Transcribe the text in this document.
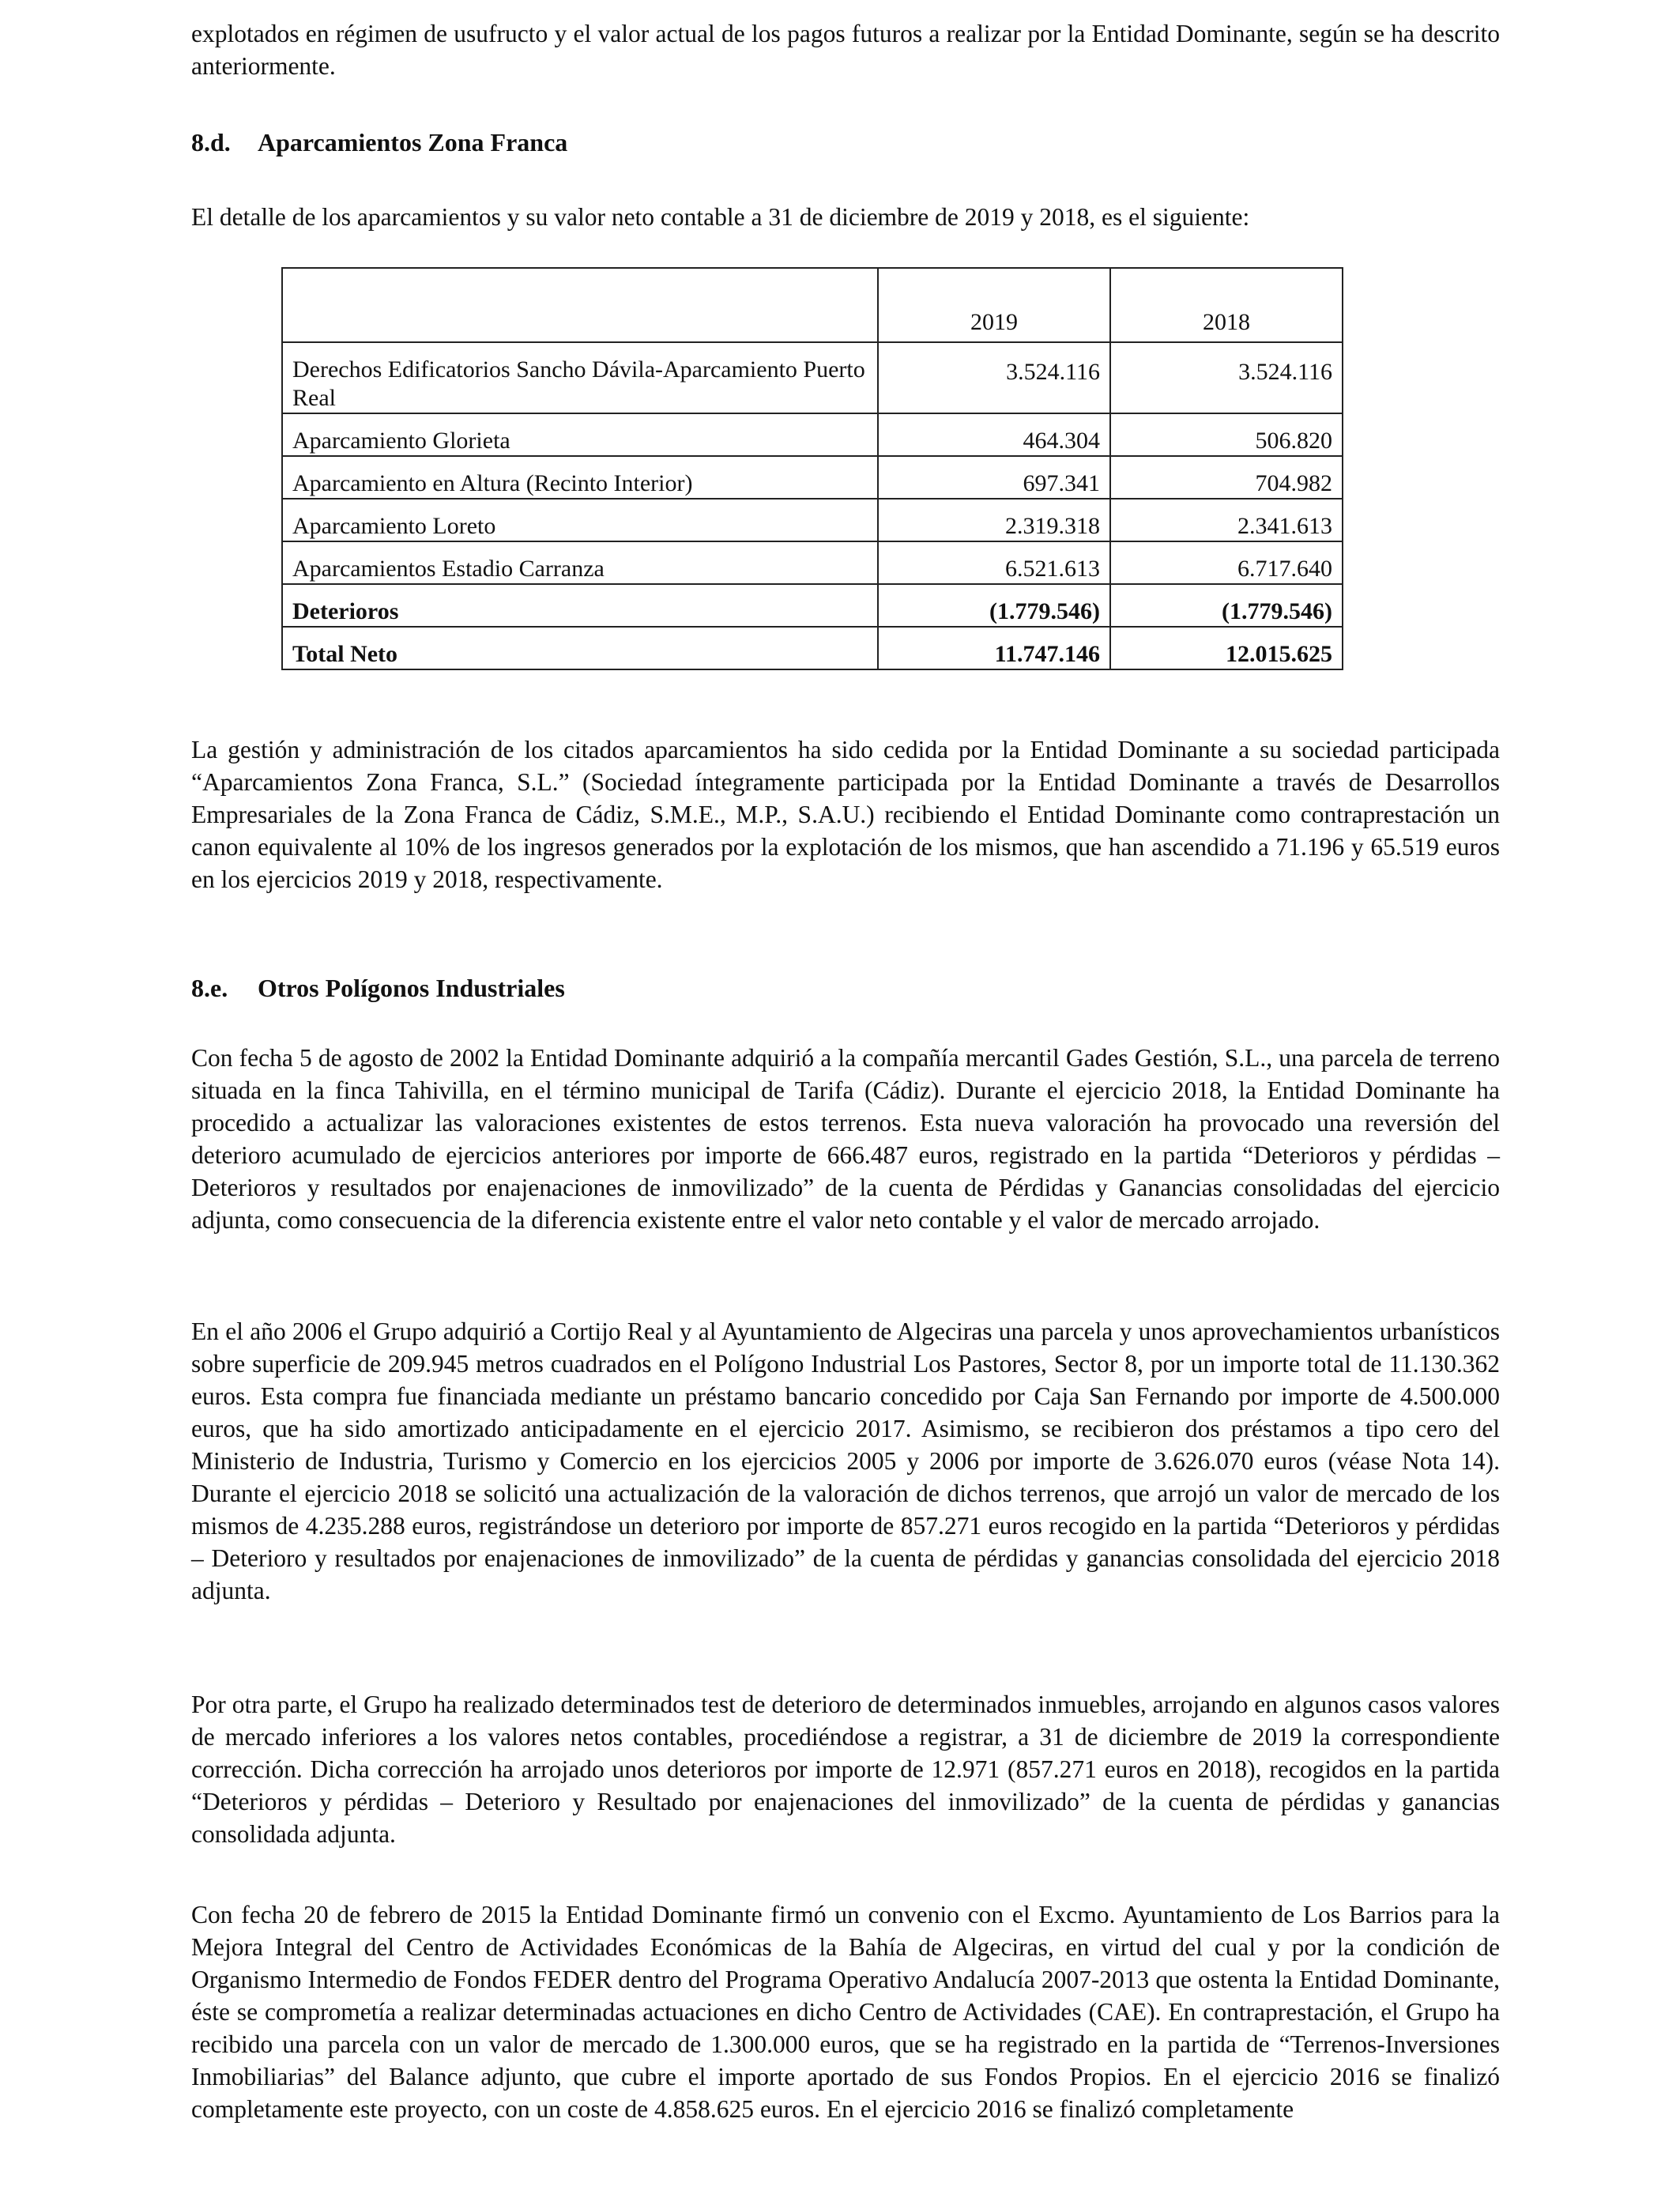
explotados en régimen de usufructo y el valor actual de los pagos futuros a realizar por la Entidad Dominante, según se ha descrito anteriormente.

8.d. Aparcamientos Zona Franca

El detalle de los aparcamientos y su valor neto contable a 31 de diciembre de 2019 y 2018, es el siguiente:

	2019	2018
Derechos Edificatorios Sancho Dávila-Aparcamiento Puerto Real	3.524.116	3.524.116
Aparcamiento Glorieta	464.304	506.820
Aparcamiento en Altura (Recinto Interior)	697.341	704.982
Aparcamiento Loreto	2.319.318	2.341.613
Aparcamientos Estadio Carranza	6.521.613	6.717.640
Deterioros	(1.779.546)	(1.779.546)
Total Neto	11.747.146	12.015.625

La gestión y administración de los citados aparcamientos ha sido cedida por la Entidad Dominante a su sociedad participada “Aparcamientos Zona Franca, S.L.” (Sociedad íntegramente participada por la Entidad Dominante a través de Desarrollos Empresariales de la Zona Franca de Cádiz, S.M.E., M.P., S.A.U.) recibiendo el Entidad Dominante como contraprestación un canon equivalente al 10% de los ingresos generados por la explotación de los mismos, que han ascendido a 71.196 y 65.519 euros en los ejercicios 2019 y 2018, respectivamente.

8.e. Otros Polígonos Industriales

Con fecha 5 de agosto de 2002 la Entidad Dominante adquirió a la compañía mercantil Gades Gestión, S.L., una parcela de terreno situada en la finca Tahivilla, en el término municipal de Tarifa (Cádiz). Durante el ejercicio 2018, la Entidad Dominante ha procedido a actualizar las valoraciones existentes de estos terrenos. Esta nueva valoración ha provocado una reversión del deterioro acumulado de ejercicios anteriores por importe de 666.487 euros, registrado en la partida “Deterioros y pérdidas – Deterioros y resultados por enajenaciones de inmovilizado” de la cuenta de Pérdidas y Ganancias consolidadas del ejercicio adjunta, como consecuencia de la diferencia existente entre el valor neto contable y el valor de mercado arrojado.

En el año 2006 el Grupo adquirió a Cortijo Real y al Ayuntamiento de Algeciras una parcela y unos aprovechamientos urbanísticos sobre superficie de 209.945 metros cuadrados en el Polígono Industrial Los Pastores, Sector 8, por un importe total de 11.130.362 euros. Esta compra fue financiada mediante un préstamo bancario concedido por Caja San Fernando por importe de 4.500.000 euros, que ha sido amortizado anticipadamente en el ejercicio 2017. Asimismo, se recibieron dos préstamos a tipo cero del Ministerio de Industria, Turismo y Comercio en los ejercicios 2005 y 2006 por importe de 3.626.070 euros (véase Nota 14). Durante el ejercicio 2018 se solicitó una actualización de la valoración de dichos terrenos, que arrojó un valor de mercado de los mismos de 4.235.288 euros, registrándose un deterioro por importe de 857.271 euros recogido en la partida “Deterioros y pérdidas – Deterioro y resultados por enajenaciones de inmovilizado” de la cuenta de pérdidas y ganancias consolidada del ejercicio 2018 adjunta.

Por otra parte, el Grupo ha realizado determinados test de deterioro de determinados inmuebles, arrojando en algunos casos valores de mercado inferiores a los valores netos contables, procediéndose a registrar, a 31 de diciembre de 2019 la correspondiente corrección. Dicha corrección ha arrojado unos deterioros por importe de 12.971 (857.271 euros en 2018), recogidos en la partida “Deterioros y pérdidas – Deterioro y Resultado por enajenaciones del inmovilizado” de la cuenta de pérdidas y ganancias consolidada adjunta.

Con fecha 20 de febrero de 2015 la Entidad Dominante firmó un convenio con el Excmo. Ayuntamiento de Los Barrios para la Mejora Integral del Centro de Actividades Económicas de la Bahía de Algeciras, en virtud del cual y por la condición de Organismo Intermedio de Fondos FEDER dentro del Programa Operativo Andalucía 2007-2013 que ostenta la Entidad Dominante, éste se comprometía a realizar determinadas actuaciones en dicho Centro de Actividades (CAE). En contraprestación, el Grupo ha recibido una parcela con un valor de mercado de 1.300.000 euros, que se ha registrado en la partida de “Terrenos-Inversiones Inmobiliarias” del Balance adjunto, que cubre el importe aportado de sus Fondos Propios. En el ejercicio 2016 se finalizó completamente este proyecto, con un coste de 4.858.625 euros. En el ejercicio 2016 se finalizó completamente
